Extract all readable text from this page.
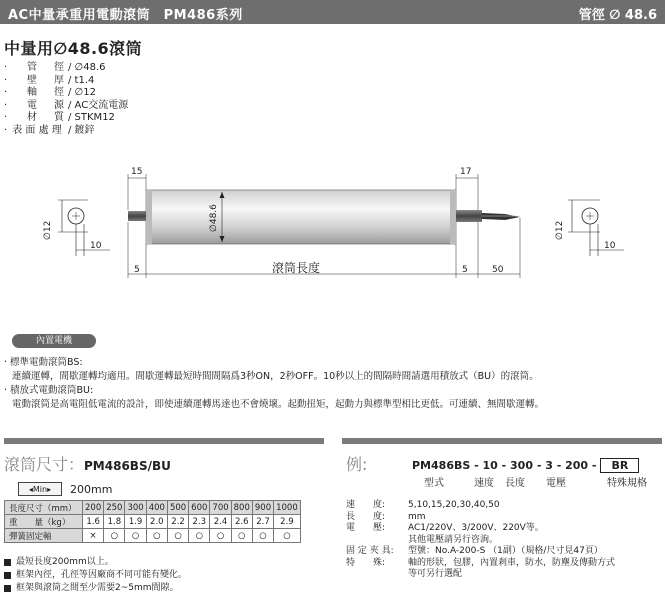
AC中量承重用電動滾筒　PM486系列	管徑 ∅ 48.6
中量用∅48.6滾筒
· 管 徑 / ∅48.6
· 壁 厚 / t1.4
· 軸 徑 / ∅12
· 電 源 / AC交流電源
· 材 質 / STKM12
· 表 面 處 理 / 鍍鋅
10
∅12
15	17
∅48.6
5	5	50
滾筒長度
10
∅12
內置電機
· 標準電動滾筒BS:
連續運轉，間歇運轉均適用。間歇運轉最短時間間隔爲3秒ON，2秒OFF。10秒以上的間隔時間請選用積放式（BU）的滾筒。
· 積放式電動滾筒BU:
電動滾筒是高電阻低電流的設計，即使連續運轉馬達也不會燒壞。起動扭矩，起動力與標準型相比更低。可連續、無間歇運轉。
滾筒尺寸：PM486BS/BU
◂ Min ▸	200mm
長度尺寸（mm）	200	250	300	400	500	600	700	800	900	1000
重　　量（kg）	1.6	1.8	1.9	2.0	2.2	2.3	2.4	2.6	2.7	2.9
彈簧固定軸	×	○	○	○	○	○	○	○	○	○
最短長度200mm以上。
框架內徑，孔徑等因廠商不同可能有變化。
框架與滾筒之間至少需要2~5mm間隙。
例:	PM486BS - 10 - 300 - 3 - 200 - BR
型式	速度 長度 電壓	特殊規格
速　　度:	5,10,15,20,30,40,50
長　　度:	mm
電　　壓:	AC1/220V、3/200V、220V等。
其他電壓請另行咨詢。
固 定 夾 具:	型號：No.A-200-S （1副）（規格/尺寸見47頁）
特　　殊:	軸的形狀，包膠，內置剎車，防水，防塵及傳動方式
等可另行選配
